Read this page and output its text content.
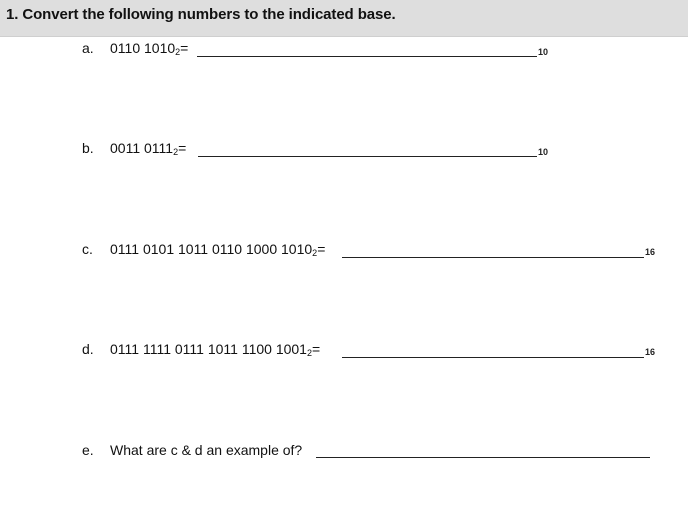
1. Convert the following numbers to the indicated base.
a. 0110 $1010_2=$	10
b. 0011 $0111_2=$	10
c. 0111 0101 1011 0110 1000 $1010_2=$	16
d. 0111 1111 0111 1011 1100 $1001_2=$	16
e. What are c & d an example of?
